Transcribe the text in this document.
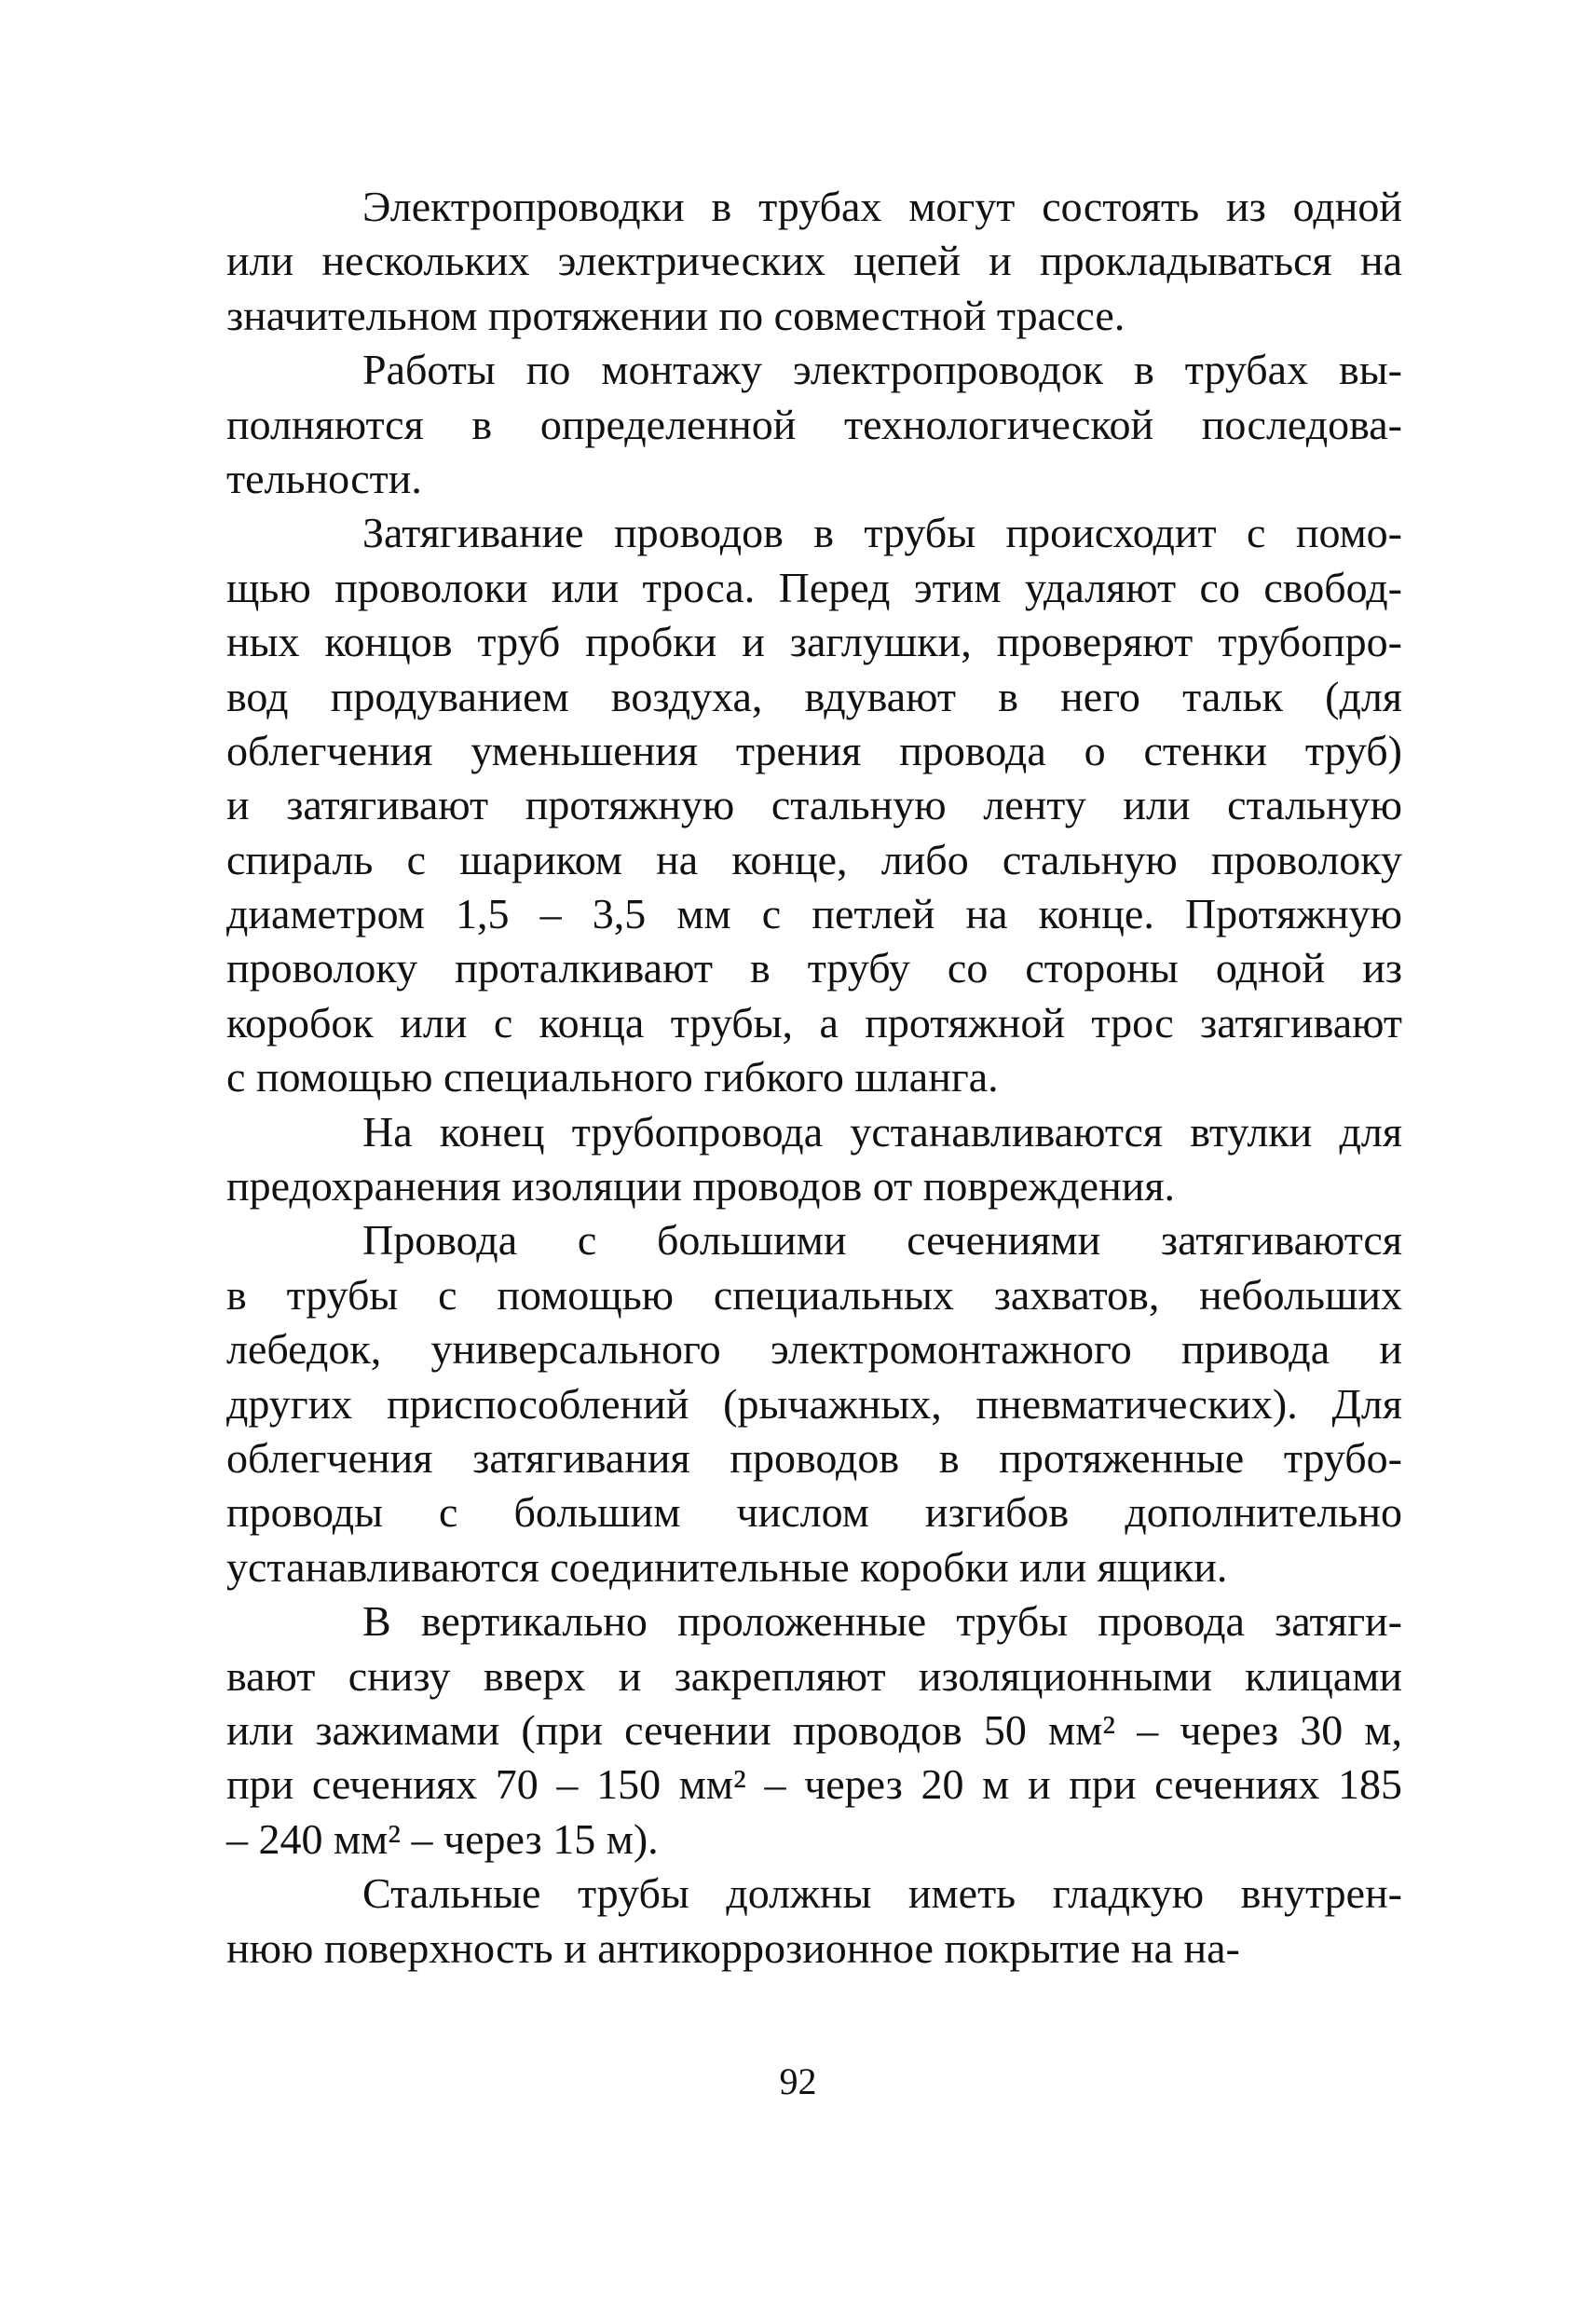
Электропроводки в трубах могут состоять из одной
или нескольких электрических цепей и прокладываться на
значительном протяжении по совместной трассе.
Работы по монтажу электропроводок в трубах вы-
полняются в определенной технологической последова-
тельности.
Затягивание проводов в трубы происходит с помо-
щью проволоки или троса. Перед этим удаляют со свобод-
ных концов труб пробки и заглушки, проверяют трубопро-
вод продуванием воздуха, вдувают в него тальк (для
облегчения уменьшения трения провода о стенки труб)
и затягивают протяжную стальную ленту или стальную
спираль с шариком на конце, либо стальную проволоку
диаметром 1,5 – 3,5 мм с петлей на конце. Протяжную
проволоку проталкивают в трубу со стороны одной из
коробок или с конца трубы, а протяжной трос затягивают
с помощью специального гибкого шланга.
На конец трубопровода устанавливаются втулки для
предохранения изоляции проводов от повреждения.
Провода с большими сечениями затягиваются
в трубы с помощью специальных захватов, небольших
лебедок, универсального электромонтажного привода и
других приспособлений (рычажных, пневматических). Для
облегчения затягивания проводов в протяженные трубо-
проводы с большим числом изгибов дополнительно
устанавливаются соединительные коробки или ящики.
В вертикально проложенные трубы провода затяги-
вают снизу вверх и закрепляют изоляционными клицами
или зажимами (при сечении проводов 50 мм² – через 30 м,
при сечениях 70 – 150 мм² – через 20 м и при сечениях 185
– 240 мм² – через 15 м).
Стальные трубы должны иметь гладкую внутрен-
нюю поверхность и антикоррозионное покрытие на на-
92
